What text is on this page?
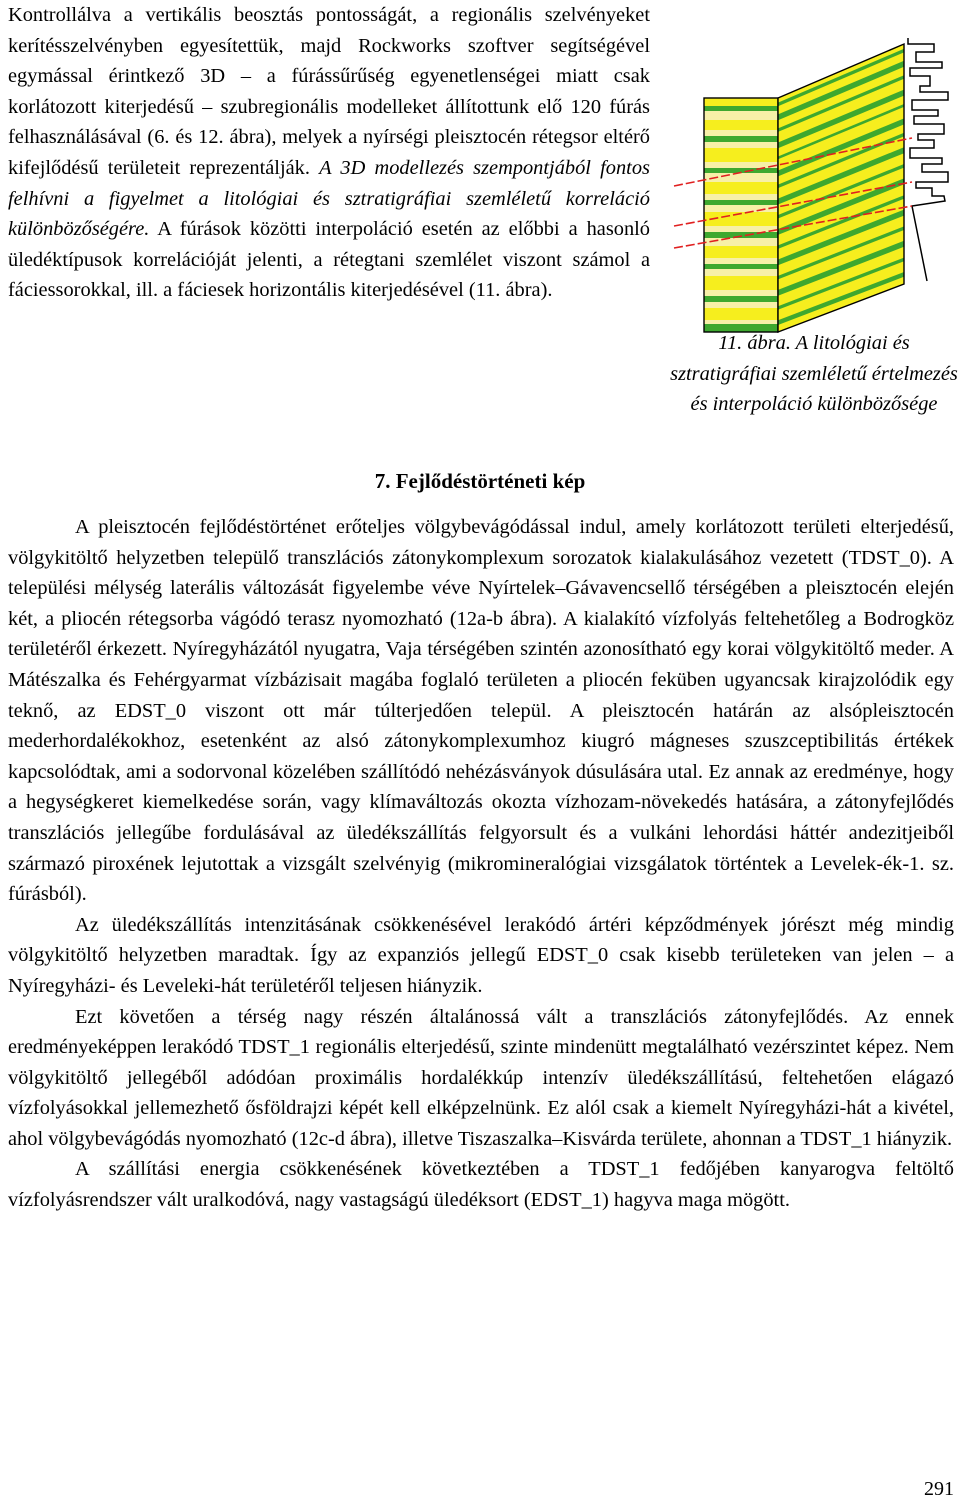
Kontrollálva a vertikális beosztás pontosságát, a regionális szelvényeket kerítésszelvényben egyesítettük, majd Rockworks szoftver segítségével egymással érintkező 3D – a fúrássűrűség egyenetlenségei miatt csak korlátozott kiterjedésű – szubregionális modelleket állítottunk elő 120 fúrás felhasználásával (6. és 12. ábra), melyek a nyírségi pleisztocén rétegsor eltérő kifejlődésű területeit reprezentálják. A 3D modellezés szempontjából fontos felhívni a figyelmet a litológiai és sztratigráfiai szemléletű korreláció különbözőségére. A fúrások közötti interpoláció esetén az előbbi a hasonló üledéktípusok korrelációját jelenti, a rétegtani szemlélet viszont számol a fáciessorokkal, ill. a fáciesek horizontális kiterjedésével (11. ábra).

11. ábra. A litológiai és sztratigráfiai szemléletű értelmezés és interpoláció különbözősége

7. Fejlődéstörténeti kép

A pleisztocén fejlődéstörténet erőteljes völgybevágódással indul, amely korlátozott területi elterjedésű, völgykitöltő helyzetben települő transzlációs zátonykomplexum sorozatok kialakulásához vezetett (TDST_0). A települési mélység laterális változását figyelembe véve Nyírtelek–Gávavencsellő térségében a pleisztocén elején két, a pliocén rétegsorba vágódó terasz nyomozható (12a-b ábra). A kialakító vízfolyás feltehetőleg a Bodrogköz területéről érkezett. Nyíregyházától nyugatra, Vaja térségében szintén azonosítható egy korai völgykitöltő meder. A Mátészalka és Fehérgyarmat vízbázisait magába foglaló területen a pliocén feküben ugyancsak kirajzolódik egy teknő, az EDST_0 viszont ott már túlterjedően települ. A pleisztocén határán az alsópleisztocén mederhordalékokhoz, esetenként az alsó zátonykomplexumhoz kiugró mágneses szuszceptibilitás értékek kapcsolódtak, ami a sodorvonal közelében szállítódó nehézásványok dúsulására utal. Ez annak az eredménye, hogy a hegységkeret kiemelkedése során, vagy klímaváltozás okozta vízhozam-növekedés hatására, a zátonyfejlődés transzlációs jellegűbe fordulásával az üledékszállítás felgyorsult és a vulkáni lehordási háttér andezitjeiből származó piroxének lejutottak a vizsgált szelvényig (mikromineralógiai vizsgálatok történtek a Levelek-ék-1. sz. fúrásból).

Az üledékszállítás intenzitásának csökkenésével lerakódó ártéri képződmények jórészt még mindig völgykitöltő helyzetben maradtak. Így az expanziós jellegű EDST_0 csak kisebb területeken van jelen – a Nyíregyházi- és Leveleki-hát területéről teljesen hiányzik.

Ezt követően a térség nagy részén általánossá vált a transzlációs zátonyfejlődés. Az ennek eredményeképpen lerakódó TDST_1 regionális elterjedésű, szinte mindenütt megtalálható vezérszintet képez. Nem völgykitöltő jellegéből adódóan proximális hordalékkúp intenzív üledékszállítású, feltehetően elágazó vízfolyásokkal jellemezhető ősföldrajzi képét kell elképzelnünk. Ez alól csak a kiemelt Nyíregyházi-hát a kivétel, ahol völgybevágódás nyomozható (12c-d ábra), illetve Tiszaszalka–Kisvárda területe, ahonnan a TDST_1 hiányzik.

A szállítási energia csökkenésének következtében a TDST_1 fedőjében kanyarogva feltöltő vízfolyásrendszer vált uralkodóvá, nagy vastagságú üledéksort (EDST_1) hagyva maga mögött.

291
